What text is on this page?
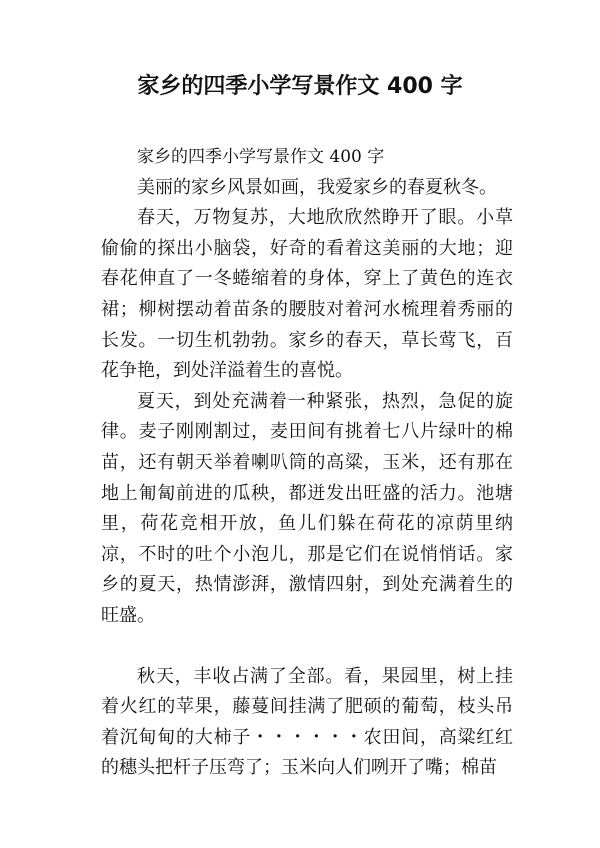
家乡的四季小学写景作文 400 字

家乡的四季小学写景作文 400 字

美丽的家乡风景如画，我爱家乡的春夏秋冬。

春天，万物复苏，大地欣欣然睁开了眼。小草偷偷的探出小脑袋，好奇的看着这美丽的大地；迎春花伸直了一冬蜷缩着的身体，穿上了黄色的连衣裙；柳树摆动着苗条的腰肢对着河水梳理着秀丽的长发。一切生机勃勃。家乡的春天，草长莺飞，百花争艳，到处洋溢着生的喜悦。

夏天，到处充满着一种紧张，热烈，急促的旋律。麦子刚刚割过，麦田间有挑着七八片绿叶的棉苗，还有朝天举着喇叭筒的高粱，玉米，还有那在地上匍匐前进的瓜秧，都迸发出旺盛的活力。池塘里，荷花竞相开放，鱼儿们躲在荷花的凉荫里纳凉，不时的吐个小泡儿，那是它们在说悄悄话。家乡的夏天，热情澎湃，激情四射，到处充满着生的旺盛。

秋天，丰收占满了全部。看，果园里，树上挂着火红的苹果，藤蔓间挂满了肥硕的葡萄，枝头吊着沉甸甸的大柿子・・・・・・农田间，高粱红红的穗头把杆子压弯了；玉米向人们咧开了嘴；棉苗
